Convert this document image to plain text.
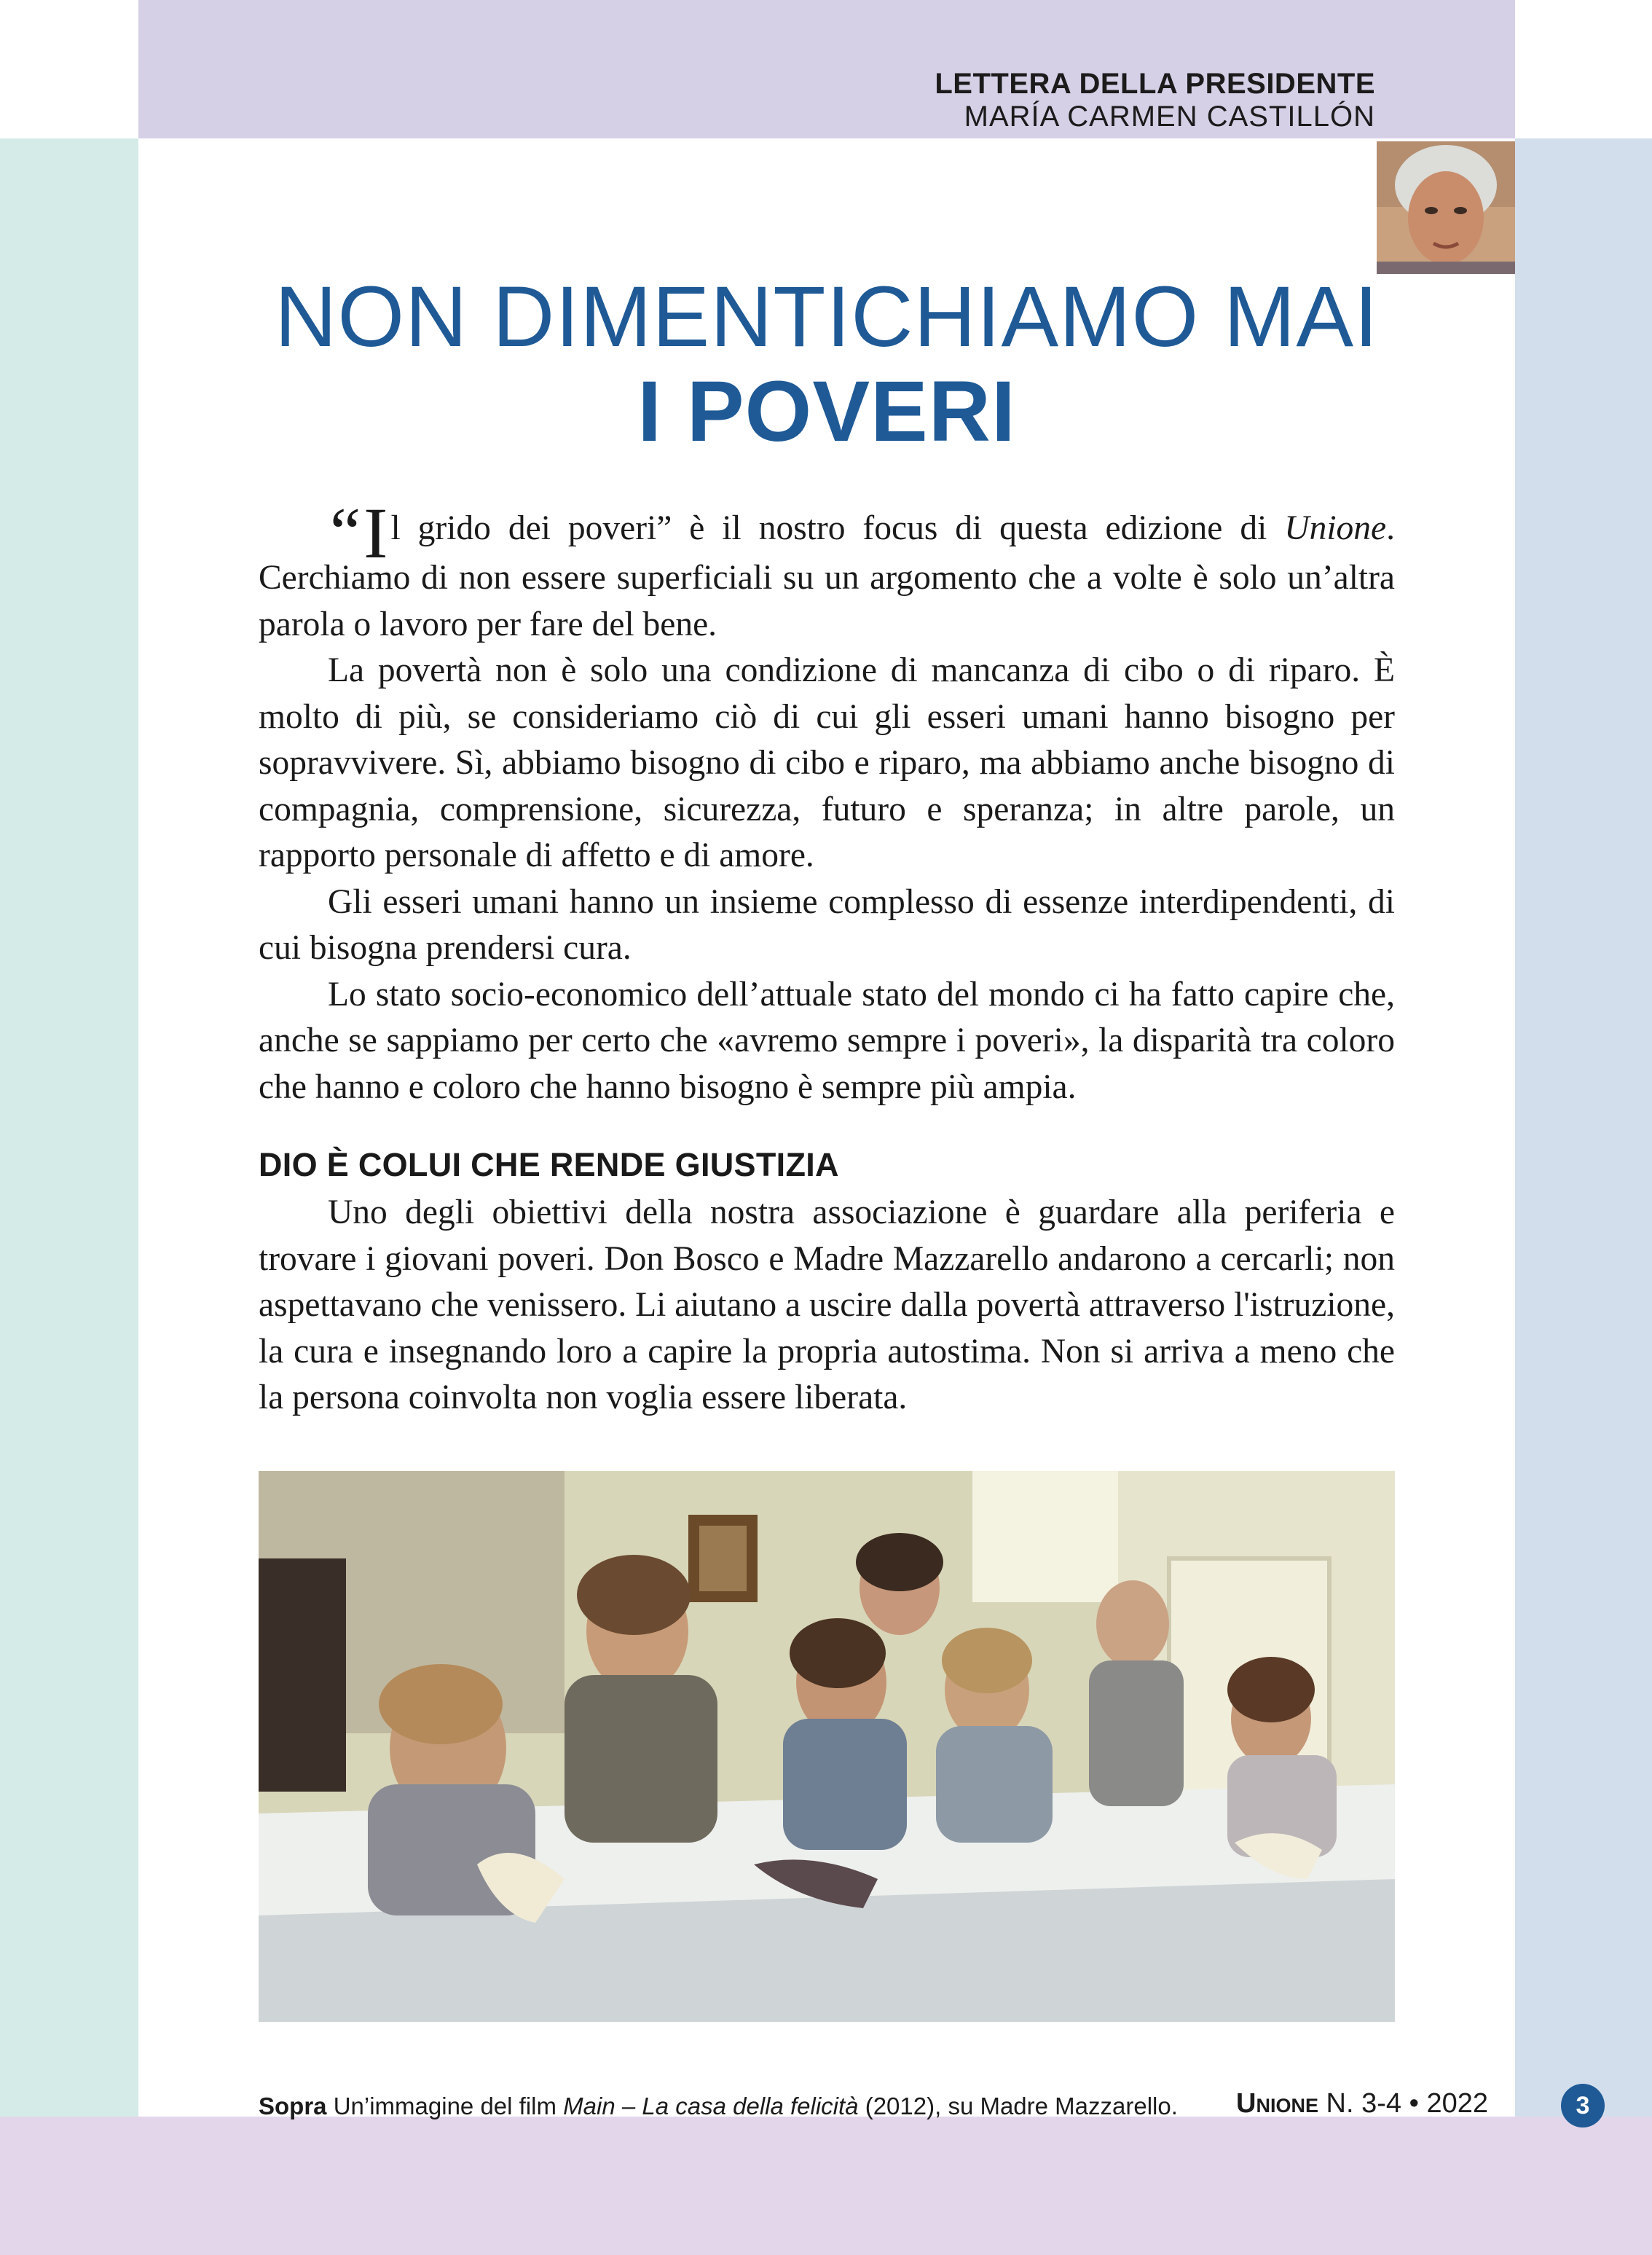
LETTERA DELLA PRESIDENTE
MARÍA CARMEN CASTILLÓN
NON DIMENTICHIAMO MAI
I POVERI

“Il grido dei poveri” è il nostro focus di questa edizione di Unione. Cerchiamo di non essere superficiali su un argomento che a volte è solo un’altra parola o lavoro per fare del bene.

La povertà non è solo una condizione di mancanza di cibo o di riparo. È molto di più, se consideriamo ciò di cui gli esseri umani hanno bisogno per sopravvivere. Sì, abbiamo bisogno di cibo e riparo, ma abbiamo anche bisogno di compagnia, comprensione, sicurezza, futuro e speranza; in altre parole, un rapporto personale di affetto e di amore.

Gli esseri umani hanno un insieme complesso di essenze interdipendenti, di cui bisogna prendersi cura.

Lo stato socio-economico dell’attuale stato del mondo ci ha fatto capire che, anche se sappiamo per certo che «avremo sempre i poveri», la disparità tra coloro che hanno e coloro che hanno bisogno è sempre più ampia.

DIO È COLUI CHE RENDE GIUSTIZIA

Uno degli obiettivi della nostra associazione è guardare alla periferia e trovare i giovani poveri. Don Bosco e Madre Mazzarello andarono a cercarli; non aspettavano che venissero. Li aiutano a uscire dalla povertà attraverso l'istruzione, la cura e insegnando loro a capire la propria autostima. Non si arriva a meno che la persona coinvolta non voglia essere liberata.

Sopra Un’immagine del film Main – La casa della felicità (2012), su Madre Mazzarello. Unione N. 3-4 • 2022	3
